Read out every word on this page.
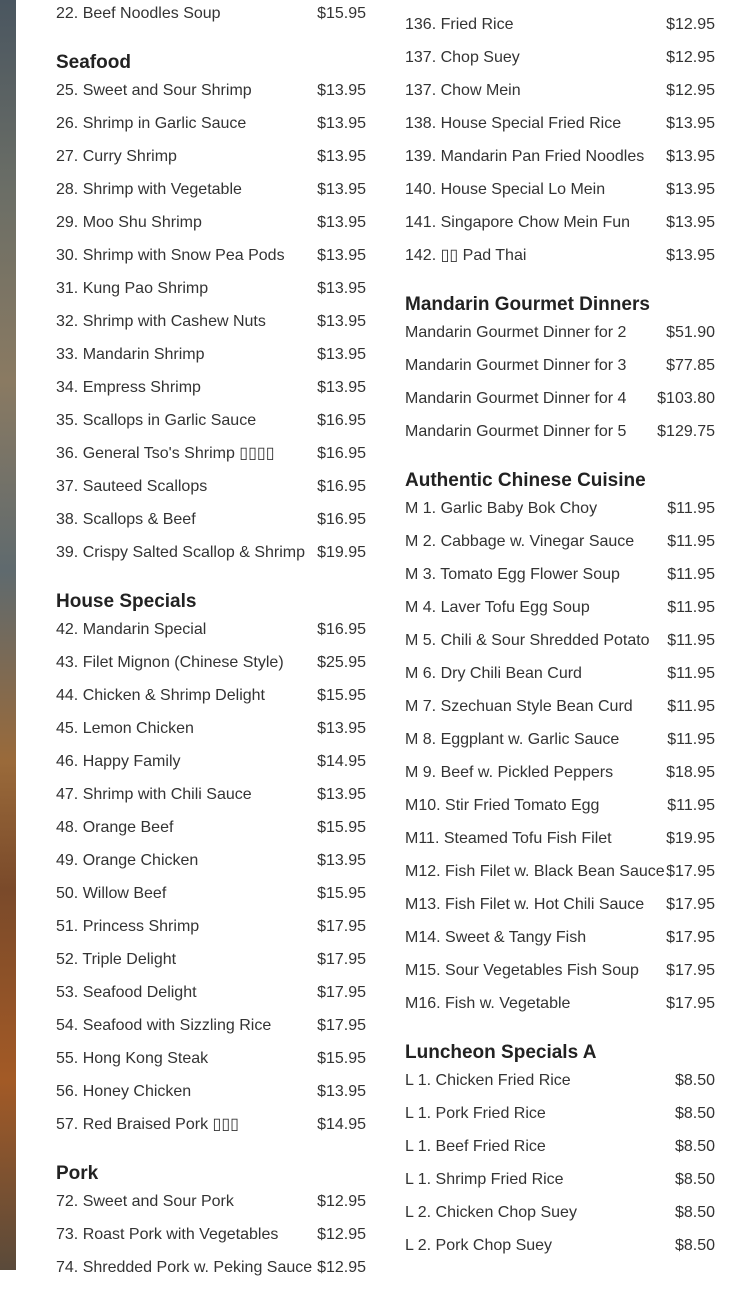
22. Beef Noodles Soup	$15.95
Seafood
25. Sweet and Sour Shrimp	$13.95
26. Shrimp in Garlic Sauce	$13.95
27. Curry Shrimp	$13.95
28. Shrimp with Vegetable	$13.95
29. Moo Shu Shrimp	$13.95
30. Shrimp with Snow Pea Pods $13.95
31. Kung Pao Shrimp	$13.95
32. Shrimp with Cashew Nuts	$13.95
33. Mandarin Shrimp	$13.95
34. Empress Shrimp	$13.95
35. Scallops in Garlic Sauce	$16.95
36. General Tso's Shrimp ▯▯▯▯	$16.95
37. Sauteed Scallops	$16.95
38. Scallops & Beef	$16.95
39. Crispy Salted Scallop & Shrimp $19.95
House Specials
42. Mandarin Special	$16.95
43. Filet Mignon (Chinese Style) $25.95
44. Chicken & Shrimp Delight	$15.95
45. Lemon Chicken	$13.95
46. Happy Family	$14.95
47. Shrimp with Chili Sauce	$13.95
48. Orange Beef	$15.95
49. Orange Chicken	$13.95
50. Willow Beef	$15.95
51. Princess Shrimp	$17.95
52. Triple Delight	$17.95
53. Seafood Delight	$17.95
54. Seafood with Sizzling Rice	$17.95
55. Hong Kong Steak	$15.95
56. Honey Chicken	$13.95
57. Red Braised Pork ▯▯▯	$14.95
Pork
72. Sweet and Sour Pork	$12.95
73. Roast Pork with Vegetables $12.95
74. Shredded Pork w. Peking Sauce $12.95
136. Fried Rice	$12.95
137. Chop Suey	$12.95
137. Chow Mein	$12.95
138. House Special Fried Rice	$13.95
139. Mandarin Pan Fried Noodles $13.95
140. House Special Lo Mein	$13.95
141. Singapore Chow Mein Fun $13.95
142. ▯▯ Pad Thai	$13.95
Mandarin Gourmet Dinners
Mandarin Gourmet Dinner for 2 $51.90
Mandarin Gourmet Dinner for 3 $77.85
Mandarin Gourmet Dinner for 4 $103.80
Mandarin Gourmet Dinner for 5 $129.75
Authentic Chinese Cuisine
M 1. Garlic Baby Bok Choy	$11.95
M 2. Cabbage w. Vinegar Sauce $11.95
M 3. Tomato Egg Flower Soup	$11.95
M 4. Laver Tofu Egg Soup	$11.95
M 5. Chili & Sour Shredded Potato $11.95
M 6. Dry Chili Bean Curd	$11.95
M 7. Szechuan Style Bean Curd $11.95
M 8. Eggplant w. Garlic Sauce	$11.95
M 9. Beef w. Pickled Peppers	$18.95
M10. Stir Fried Tomato Egg	$11.95
M11. Steamed Tofu Fish Filet	$19.95
M12. Fish Filet w. Black Bean Sauce $17.95
M13. Fish Filet w. Hot Chili Sauce $17.95
M14. Sweet & Tangy Fish	$17.95
M15. Sour Vegetables Fish Soup $17.95
M16. Fish w. Vegetable	$17.95
Luncheon Specials A
L 1. Chicken Fried Rice	$8.50
L 1. Pork Fried Rice	$8.50
L 1. Beef Fried Rice	$8.50
L 1. Shrimp Fried Rice	$8.50
L 2. Chicken Chop Suey	$8.50
L 2. Pork Chop Suey	$8.50
